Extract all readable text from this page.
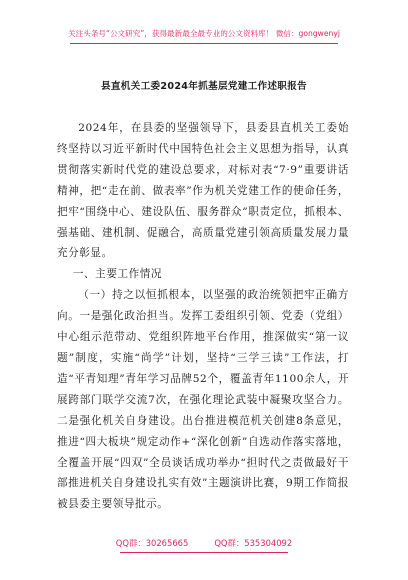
关注头条号“公文研究”，获得最新最全最专业的公文资料库！ 微信：gongwenyj
县直机关工委2024年抓基层党建工作述职报告

2024年，在县委的坚强领导下，县委县直机关工委始终坚持以习近平新时代中国特色社会主义思想为指导，认真贯彻落实新时代党的建设总要求，对标对表“7·9”重要讲话精神，把“走在前、做表率”作为机关党建工作的使命任务，把牢“围绕中心、建设队伍、服务群众”职责定位，抓根本、强基础、建机制、促融合，高质量党建引领高质量发展力量充分彰显。

一、主要工作情况

（一）持之以恒抓根本，以坚强的政治统领把牢正确方向。一是强化政治担当。发挥工委组织引领、党委（党组）中心组示范带动、党组织阵地平台作用，推深做实“第一议题”制度，实施“尚学”计划，坚持“三学三读”工作法，打造“平青知理”青年学习品牌52个，覆盖青年1100余人，开展跨部门联学交流7次，在强化理论武装中凝聚攻坚合力。二是强化机关自身建设。出台推进模范机关创建8条意见，推进“四大板块”规定动作+“深化创新”自选动作落实落地，全覆盖开展“四双”全员谈话成功举办“担时代之责做最好干部推进机关自身建设扎实有效”主题演讲比赛，9期工作简报被县委主要领导批示。

QQ群：30265665	QQ群：535304092
